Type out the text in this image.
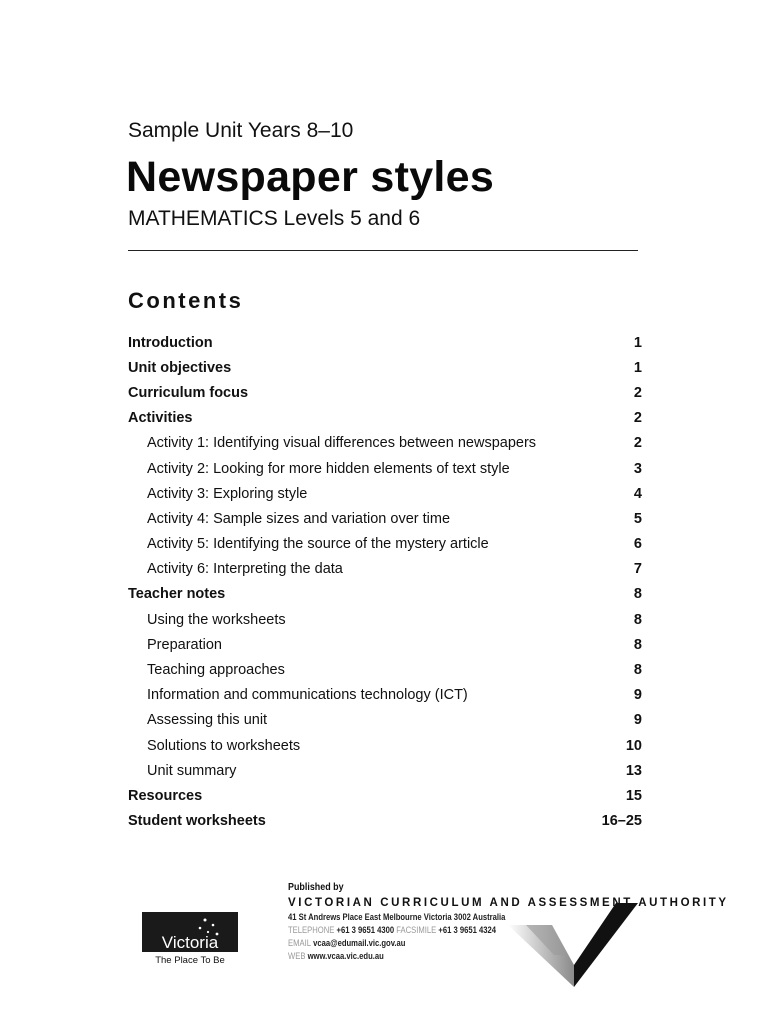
Sample Unit Years 8–10
Newspaper styles
MATHEMATICS Levels 5 and 6
Contents
Introduction	1
Unit objectives	1
Curriculum focus	2
Activities	2
Activity 1: Identifying visual differences between newspapers	2
Activity 2: Looking for more hidden elements of text style	3
Activity 3: Exploring style	4
Activity 4: Sample sizes and variation over time	5
Activity 5: Identifying the source of the mystery article	6
Activity 6: Interpreting the data	7
Teacher notes	8
Using the worksheets	8
Preparation	8
Teaching approaches	8
Information and communications technology (ICT)	9
Assessing this unit	9
Solutions to worksheets	10
Unit summary	13
Resources	15
Student worksheets	16–25
Victoria
The Place To Be
Published by
VICTORIAN CURRICULUM AND ASSESSMENT AUTHORITY
41 St Andrews Place East Melbourne Victoria 3002 Australia
TELEPHONE +61 3 9651 4300 FACSIMILE +61 3 9651 4324
EMAIL vcaa@edumail.vic.gov.au
WEB www.vcaa.vic.edu.au
